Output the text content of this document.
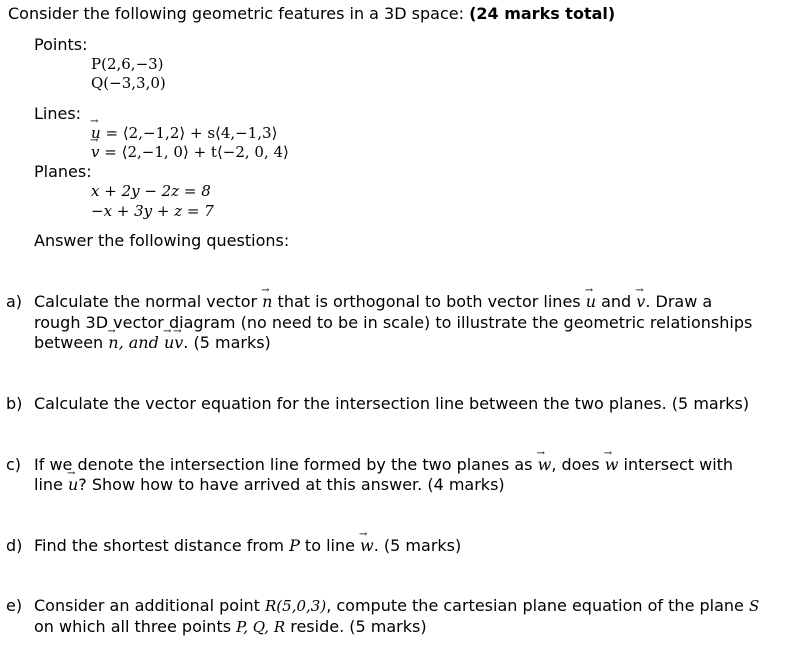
Consider the following geometric features in a 3D space: (24 marks total)
Points:
P(2,6,−3)
Q(−3,3,0)
Lines:
u → = ⟨2,−1,2⟩ + s⟨4,−1,3⟩
v → = ⟨2,−1, 0⟩ + t⟨−2, 0, 4⟩
Planes:
x + 2y − 2z = 8
−x + 3y + z = 7
Answer the following questions:
a) Calculate the normal vector n → that is orthogonal to both vector lines u → and v →. Draw a
rough 3D vector diagram (no need to be in scale) to illustrate the geometric relationships
between n →, and u →v →. (5 marks)
b) Calculate the vector equation for the intersection line between the two planes. (5 marks)
c) If we denote the intersection line formed by the two planes as w →, does w → intersect with
line u →? Show how to have arrived at this answer. (4 marks)
d) Find the shortest distance from P to line w →. (5 marks)
e) Consider an additional point R(5,0,3), compute the cartesian plane equation of the plane S
on which all three points P, Q, R reside. (5 marks)
